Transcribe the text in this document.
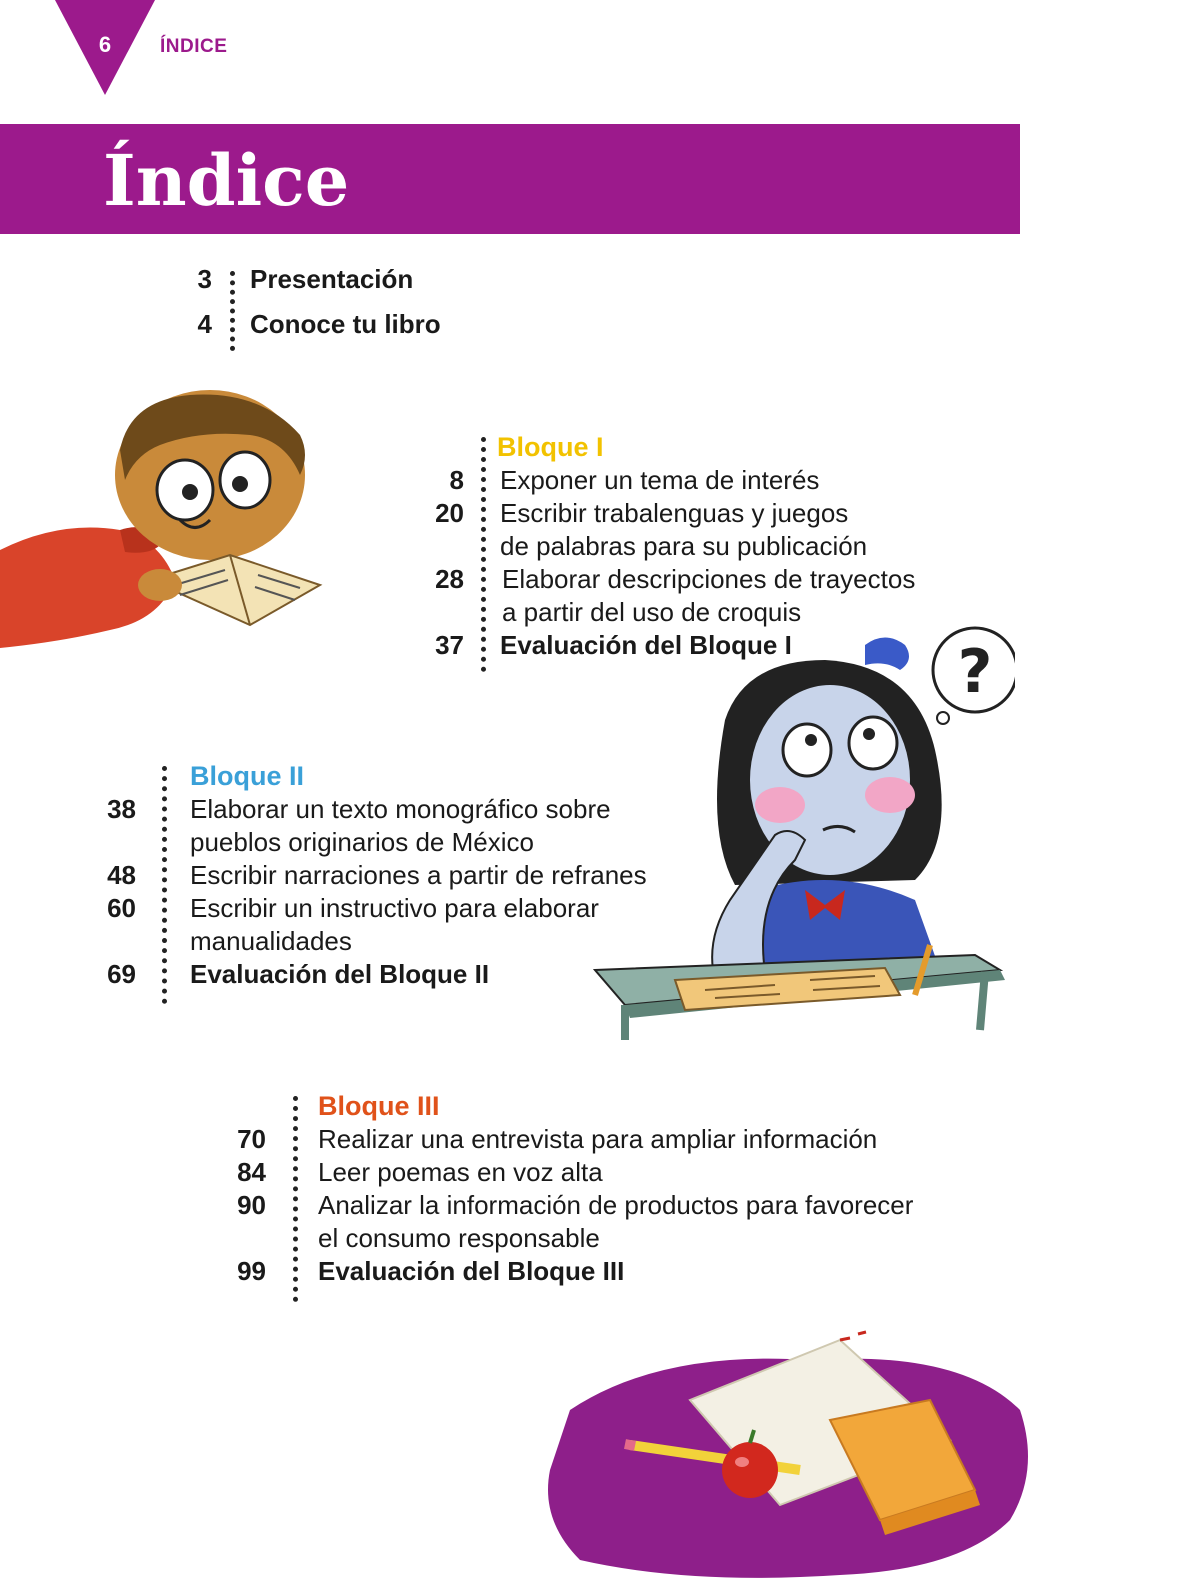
6	ÍNDICE
Índice
3 Presentación
4 Conoce tu libro
Bloque I
8 Exponer un tema de interés
20 Escribir trabalenguas y juegos
de palabras para su publicación
28 Elaborar descripciones de trayectos
a partir del uso de croquis
37 Evaluación del Bloque I
Bloque II
38 Elaborar un texto monográfico sobre
pueblos originarios de México
48 Escribir narraciones a partir de refranes
60 Escribir un instructivo para elaborar
manualidades
69 Evaluación del Bloque II
Bloque III
70 Realizar una entrevista para ampliar información
84 Leer poemas en voz alta
90 Analizar la información de productos para favorecer
el consumo responsable
99 Evaluación del Bloque III
?
